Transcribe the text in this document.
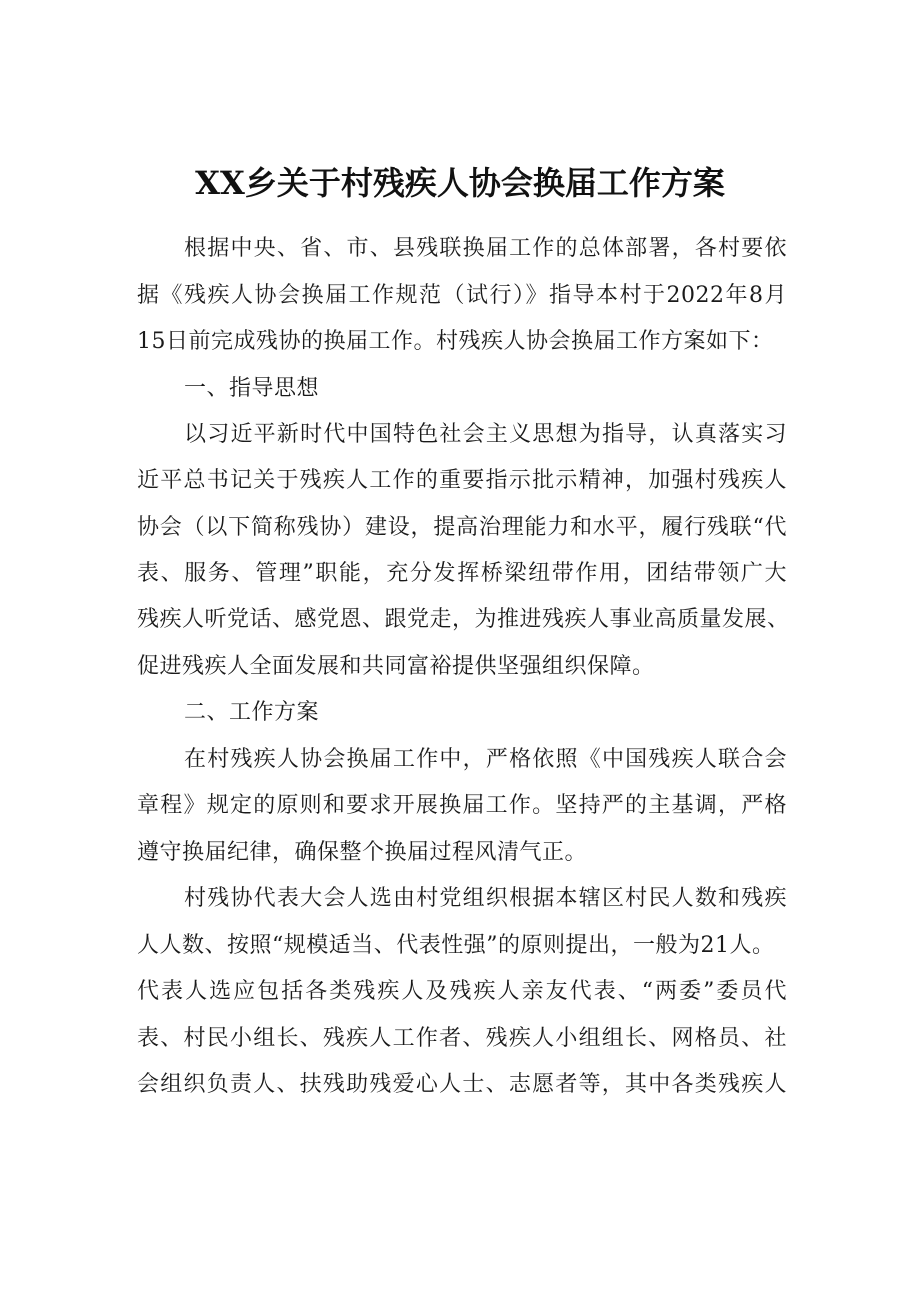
XX乡关于村残疾人协会换届工作方案
根据中央、省、市、县残联换届工作的总体部署，各村要依
据《残疾人协会换届工作规范（试行）》指导本村于2022年8月
15日前完成残协的换届工作。村残疾人协会换届工作方案如下：
一、指导思想
以习近平新时代中国特色社会主义思想为指导，认真落实习
近平总书记关于残疾人工作的重要指示批示精神，加强村残疾人
协会（以下简称残协）建设，提高治理能力和水平，履行残联“代
表、服务、管理”职能，充分发挥桥梁纽带作用，团结带领广大
残疾人听党话、感党恩、跟党走，为推进残疾人事业高质量发展、
促进残疾人全面发展和共同富裕提供坚强组织保障。
二、工作方案
在村残疾人协会换届工作中，严格依照《中国残疾人联合会
章程》规定的原则和要求开展换届工作。坚持严的主基调，严格
遵守换届纪律，确保整个换届过程风清气正。
村残协代表大会人选由村党组织根据本辖区村民人数和残疾
人人数、按照“规模适当、代表性强”的原则提出，一般为21人。
代表人选应包括各类残疾人及残疾人亲友代表、“两委”委员代
表、村民小组长、残疾人工作者、残疾人小组组长、网格员、社
会组织负责人、扶残助残爱心人士、志愿者等，其中各类残疾人
